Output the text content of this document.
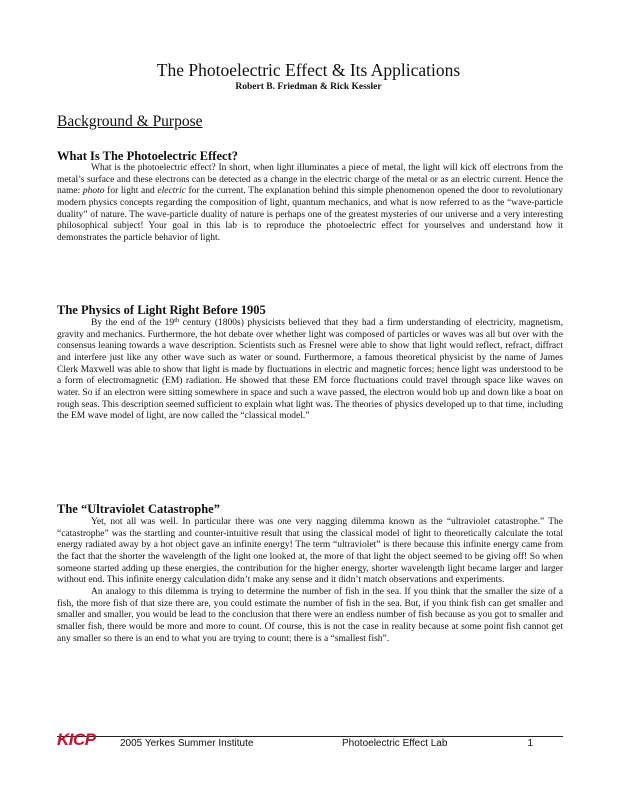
The Photoelectric Effect & Its Applications
Robert B. Friedman & Rick Kessler
Background & Purpose
What Is The Photoelectric Effect?

What is the photoelectric effect? In short, when light illuminates a piece of metal, the light will kick off electrons from the metal’s surface and these electrons can be detected as a change in the electric charge of the metal or as an electric current. Hence the name: photo for light and electric for the current. The explanation behind this simple phenomenon opened the door to revolutionary modern physics concepts regarding the composition of light, quantum mechanics, and what is now referred to as the “wave-particle duality” of nature. The wave-particle duality of nature is perhaps one of the greatest mysteries of our universe and a very interesting philosophical subject! Your goal in this lab is to reproduce the photoelectric effect for yourselves and understand how it demonstrates the particle behavior of light.

The Physics of Light Right Before 1905

By the end of the 19th century (1800s) physicists believed that they had a firm understanding of electricity, magnetism, gravity and mechanics. Furthermore, the hot debate over whether light was composed of particles or waves was all but over with the consensus leaning towards a wave description. Scientists such as Fresnel were able to show that light would reflect, refract, diffract and interfere just like any other wave such as water or sound. Furthermore, a famous theoretical physicist by the name of James Clerk Maxwell was able to show that light is made by fluctuations in electric and magnetic forces; hence light was understood to be a form of electromagnetic (EM) radiation. He showed that these EM force fluctuations could travel through space like waves on water. So if an electron were sitting somewhere in space and such a wave passed, the electron would bob up and down like a boat on rough seas. This description seemed sufficient to explain what light was. The theories of physics developed up to that time, including the EM wave model of light, are now called the “classical model.”

The “Ultraviolet Catastrophe”

Yet, not all was well. In particular there was one very nagging dilemma known as the “ultraviolet catastrophe.” The “catastrophe” was the startling and counter-intuitive result that using the classical model of light to theoretically calculate the total energy radiated away by a hot object gave an infinite energy! The term “ultraviolet” is there because this infinite energy came from the fact that the shorter the wavelength of the light one looked at, the more of that light the object seemed to be giving off! So when someone started adding up these energies, the contribution for the higher energy, shorter wavelength light became larger and larger without end. This infinite energy calculation didn’t make any sense and it didn’t match observations and experiments.

An analogy to this dilemma is trying to determine the number of fish in the sea. If you think that the smaller the size of a fish, the more fish of that size there are, you could estimate the number of fish in the sea. But, if you think fish can get smaller and smaller and smaller, you would be lead to the conclusion that there were an endless number of fish because as you got to smaller and smaller fish, there would be more and more to count. Of course, this is not the case in reality because at some point fish cannot get any smaller so there is an end to what you are trying to count; there is a “smallest fish”.

KICP 2005 Yerkes Summer Institute	Photoelectric Effect Lab	1
